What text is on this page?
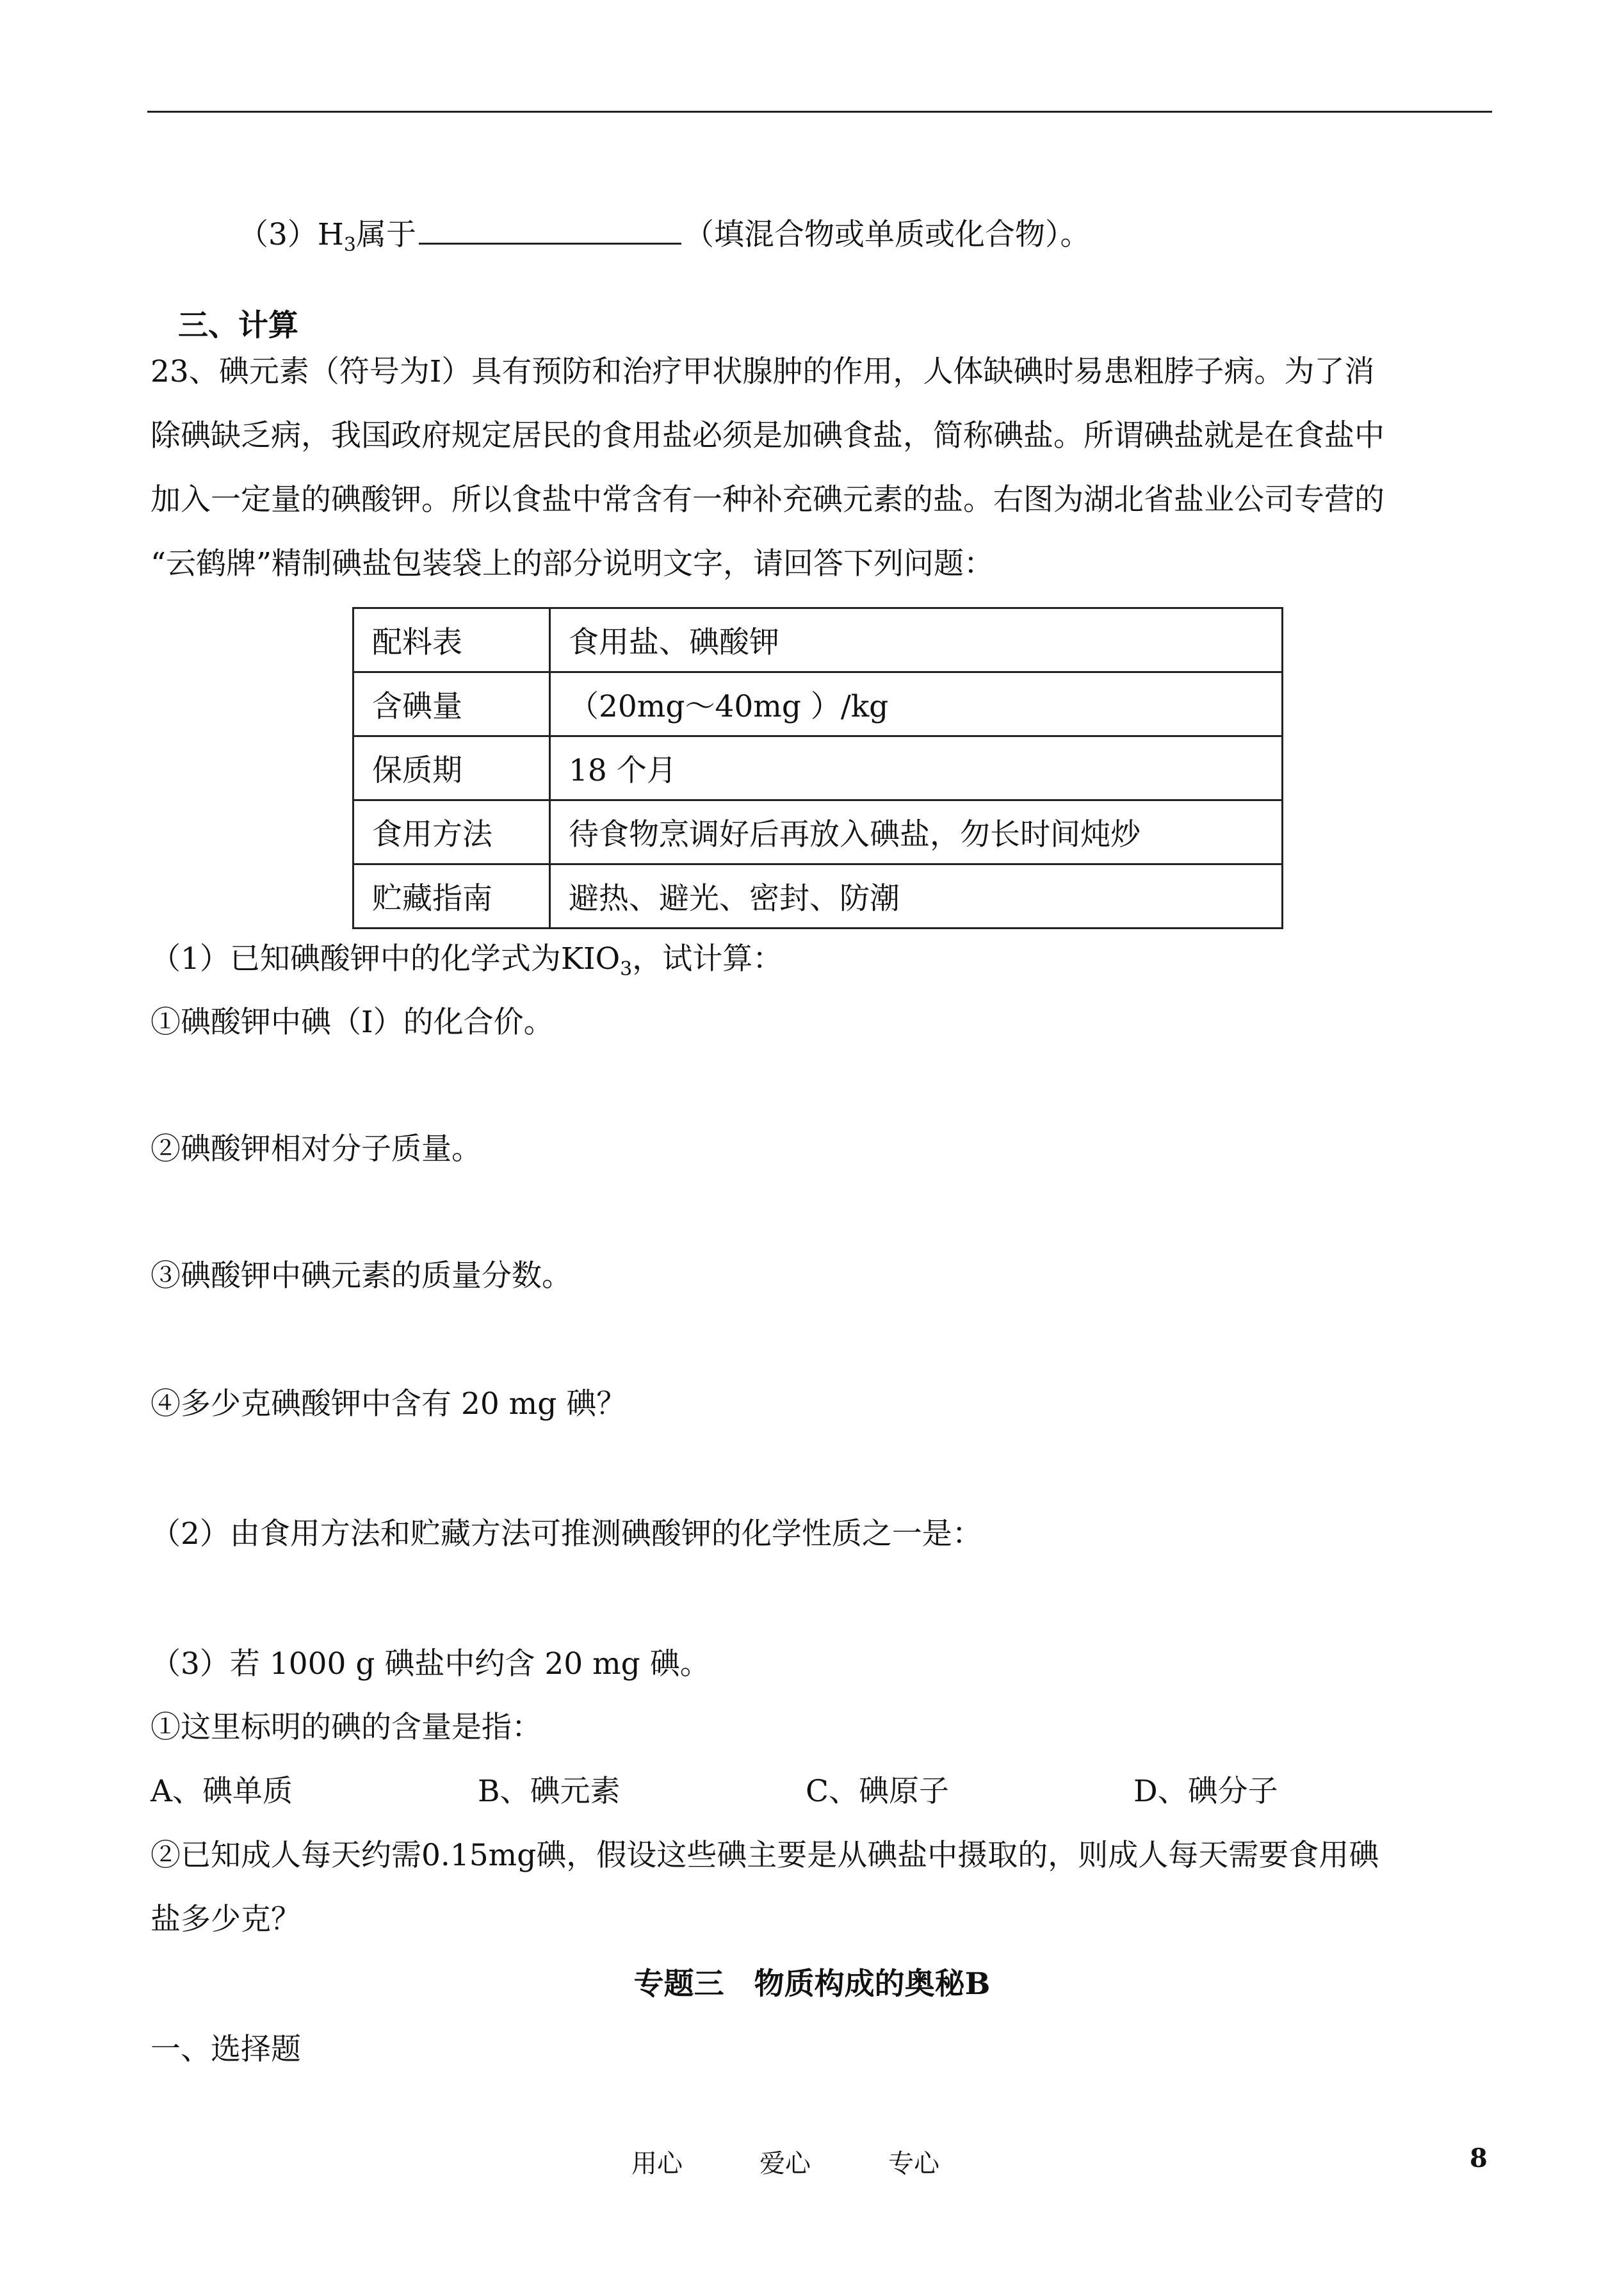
$(3)H_3$属于	（填混合物或单质或化合物）。
三、计算
23、碘元素（符号为I）具有预防和治疗甲状腺肿的作用，人体缺碘时易患粗脖子病。为了消
除碘缺乏病，我国政府规定居民的食用盐必须是加碘食盐，简称碘盐。所谓碘盐就是在食盐中
加入一定量的碘酸钾。所以食盐中常含有一种补充碘元素的盐。右图为湖北省盐业公司专营的
“云鹤牌”精制碘盐包装袋上的部分说明文字，请回答下列问题：
配料表	食用盐、碘酸钾
含碘量	（20mg～40mg ）/kg
保质期	18 个月
食用方法	待食物烹调好后再放入碘盐，勿长时间炖炒
贮藏指南	避热、避光、密封、防潮
（1）已知碘酸钾中的化学式为$KIO_3$，试计算：
①碘酸钾中碘（I）的化合价。
②碘酸钾相对分子质量。
③碘酸钾中碘元素的质量分数。
④多少克碘酸钾中含有 20 mg 碘？
（2）由食用方法和贮藏方法可推测碘酸钾的化学性质之一是：
（3）若 1000 g 碘盐中约含 20 mg 碘。
①这里标明的碘的含量是指：
A、碘单质	B、碘元素	C、碘原子	D、碘分子
②已知成人每天约需0.15mg碘，假设这些碘主要是从碘盐中摄取的，则成人每天需要食用碘
盐多少克？
专题三　物质构成的奥秘B
一、选择题
用心	爱心	专心	8
